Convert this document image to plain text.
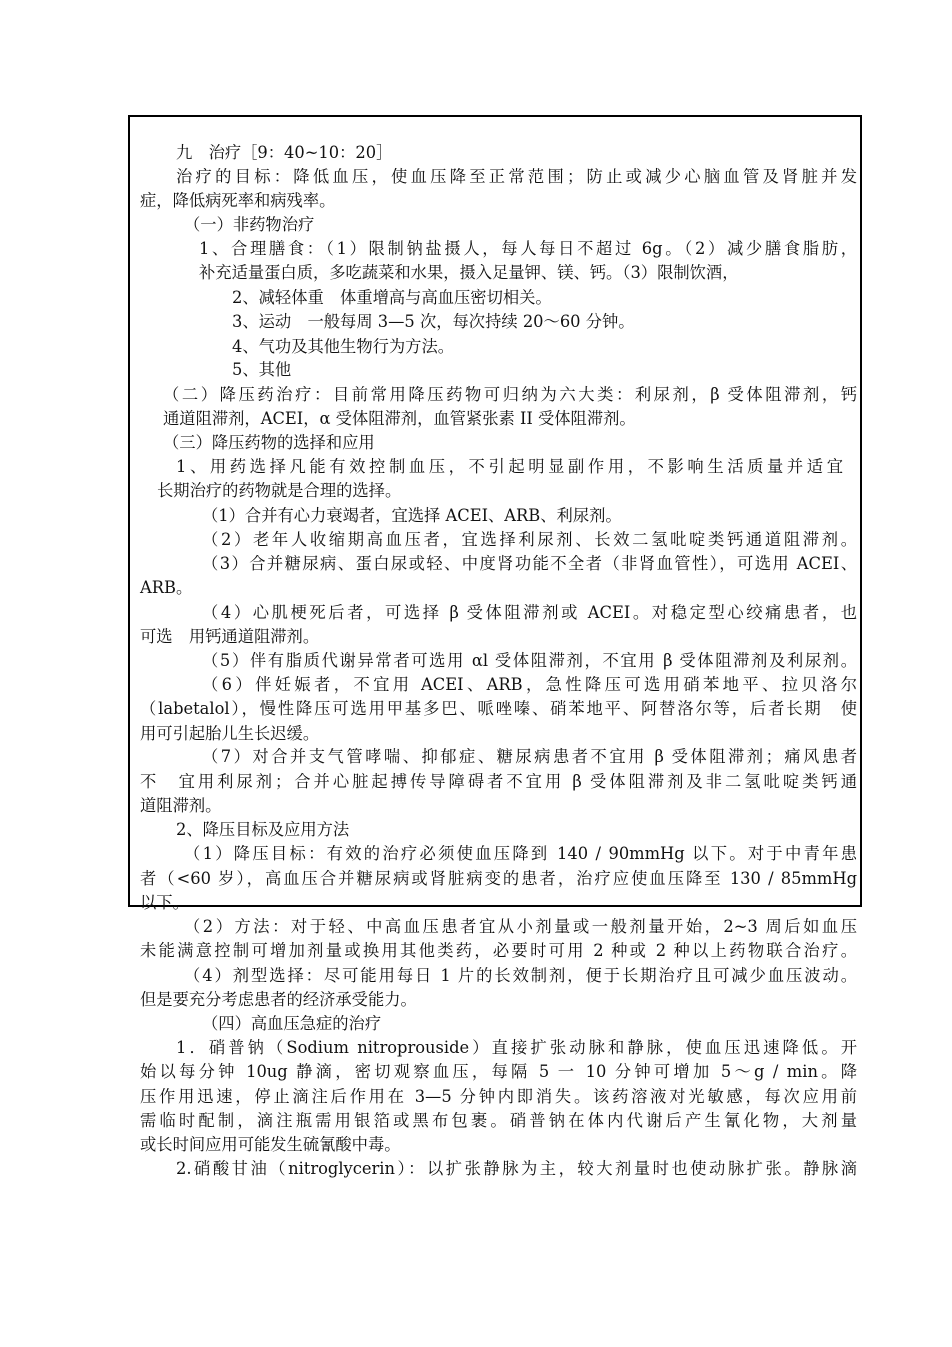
九　治疗［9：40~10：20］
治疗的目标：降低血压，使血压降至正常范围；防止或减少心脑血管及肾脏并发
症，降低病死率和病残率。
（一）非药物治疗
1、合理膳食：（1）限制钠盐摄人，每人每日不超过 6g。（2）减少膳食脂肪，
补充适量蛋白质，多吃蔬菜和水果，摄入足量钾、镁、钙。（3）限制饮酒，
2、减轻体重　体重增高与高血压密切相关。
3、运动　一般每周 3—5 次，每次持续 20～60 分钟。
4、气功及其他生物行为方法。
5、其他
（二）降压药治疗：目前常用降压药物可归纳为六大类：利尿剂，β 受体阻滞剂，钙
通道阻滞剂，ACEI，α 受体阻滞剂，血管紧张素 II 受体阻滞剂。
（三）降压药物的选择和应用
1、用药选择凡能有效控制血压，不引起明显副作用，不影响生活质量并适宜
长期治疗的药物就是合理的选择。
（1）合并有心力衰竭者，宜选择 ACEI、ARB、利尿剂。
（2）老年人收缩期高血压者，宜选择利尿剂、长效二氢吡啶类钙通道阻滞剂。
（3）合并糖尿病、蛋白尿或轻、中度肾功能不全者（非肾血管性），可选用 ACEI、
ARB。
（4）心肌梗死后者，可选择 β 受体阻滞剂或 ACEI。对稳定型心绞痛患者，也
可选　用钙通道阻滞剂。
（5）伴有脂质代谢异常者可选用 αl 受体阻滞剂，不宜用 β 受体阻滞剂及利尿剂。
（6）伴妊娠者，不宜用 ACEI、ARB，急性降压可选用硝苯地平、拉贝洛尔
（labetalol），慢性降压可选用甲基多巴、哌唑嗪、硝苯地平、阿替洛尔等，后者长期　使
用可引起胎儿生长迟缓。
（7）对合并支气管哮喘、抑郁症、糖尿病患者不宜用 β 受体阻滞剂；痛风患者
不　宜用利尿剂；合并心脏起搏传导障碍者不宜用 β 受体阻滞剂及非二氢吡啶类钙通
道阻滞剂。
2、降压目标及应用方法
（1）降压目标：有效的治疗必须使血压降到 140 / 90mmHg 以下。对于中青年患
者（<60 岁），高血压合并糖尿病或肾脏病变的患者，治疗应使血压降至 130 / 85mmHg
以下。
（2）方法：对于轻、中高血压患者宜从小剂量或一般剂量开始，2~3 周后如血压
未能满意控制可增加剂量或换用其他类药，必要时可用 2 种或 2 种以上药物联合治疗。
（4）剂型选择：尽可能用每日 1 片的长效制剂，便于长期治疗且可减少血压波动。
但是要充分考虑患者的经济承受能力。
（四）高血压急症的治疗
1．硝普钠（Sodium nitroprouside）直接扩张动脉和静脉，使血压迅速降低。开
始以每分钟 10ug 静滴，密切观察血压，每隔 5 一 10 分钟可增加 5～g / min。降
压作用迅速，停止滴注后作用在 3—5 分钟内即消失。该药溶液对光敏感，每次应用前
需临时配制，滴注瓶需用银箔或黑布包裹。硝普钠在体内代谢后产生氰化物，大剂量
或长时间应用可能发生硫氰酸中毒。
2.硝酸甘油（nitroglycerin）：以扩张静脉为主，较大剂量时也使动脉扩张。静脉滴
